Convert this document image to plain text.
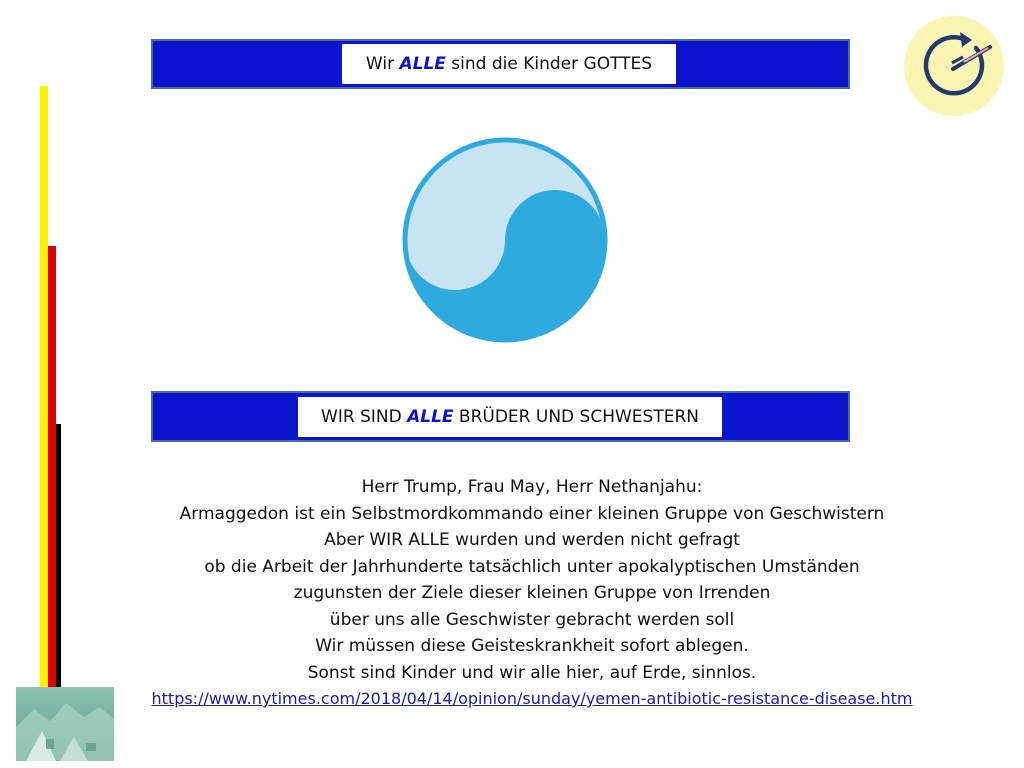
Wir ALLE sind die Kinder GOTTES
WIR SIND ALLE BRÜDER UND SCHWESTERN
Herr Trump, Frau May, Herr Nethanjahu:
Armaggedon ist ein Selbstmordkommando einer kleinen Gruppe von Geschwistern
Aber WIR ALLE wurden und werden nicht gefragt
ob die Arbeit der Jahrhunderte tatsächlich unter apokalyptischen Umständen
zugunsten der Ziele dieser kleinen Gruppe von Irrenden
über uns alle Geschwister gebracht werden soll
Wir müssen diese Geisteskrankheit sofort ablegen.
Sonst sind Kinder und wir alle hier, auf Erde, sinnlos.
https://www.nytimes.com/2018/04/14/opinion/sunday/yemen-antibiotic-resistance-disease.htm
